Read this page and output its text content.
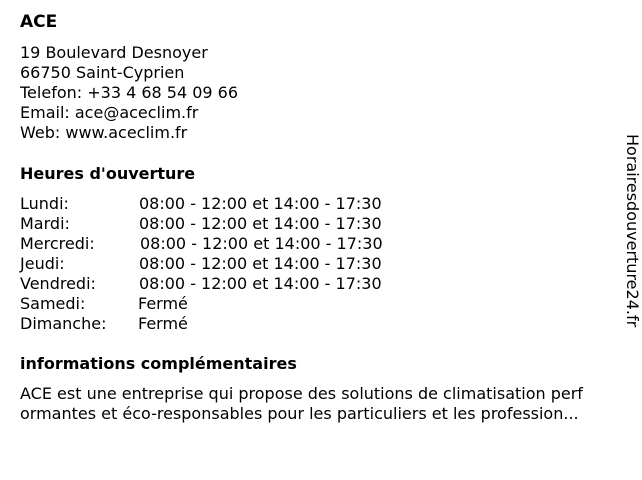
ACE
19 Boulevard Desnoyer
66750 Saint-Cyprien
Telefon: +33 4 68 54 09 66
Email: ace@aceclim.fr
Web: www.aceclim.fr
Heures d'ouverture
Lundi:	08:00 - 12:00 et 14:00 - 17:30
Mardi:	08:00 - 12:00 et 14:00 - 17:30
Mercredi:	08:00 - 12:00 et 14:00 - 17:30
Jeudi:	08:00 - 12:00 et 14:00 - 17:30
Vendredi:	08:00 - 12:00 et 14:00 - 17:30
Samedi:	Fermé
Dimanche: Fermé
informations complémentaires
ACE est une entreprise qui propose des solutions de climatisation perf
ormantes et éco-responsables pour les particuliers et les profession...
Horairesdouverture24.fr
